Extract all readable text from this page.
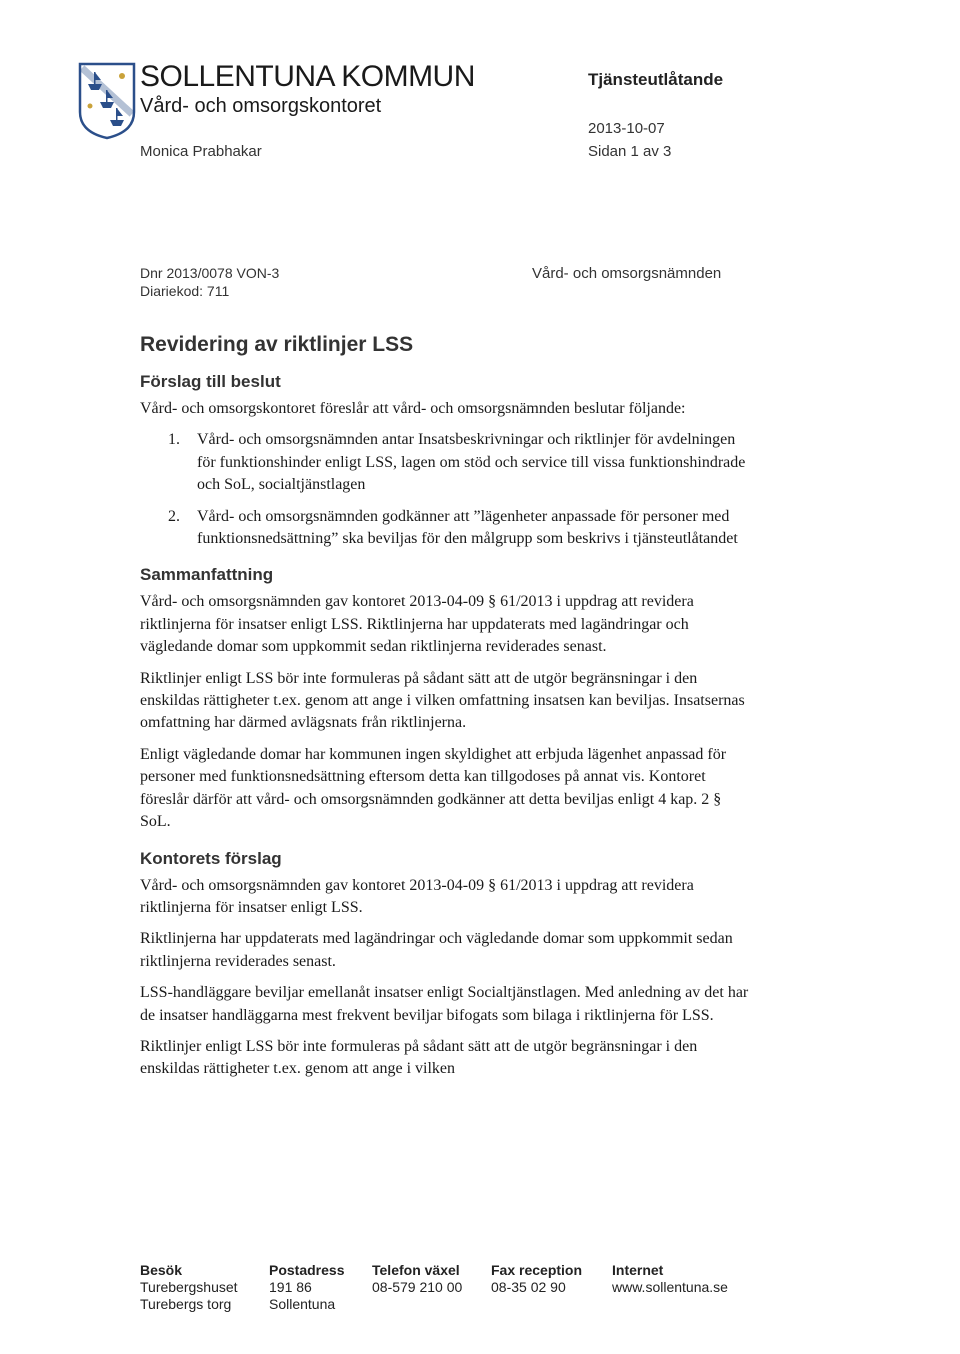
SOLLENTUNA KOMMUN
Vård- och omsorgskontoret
Monica Prabhakar
Tjänsteutlåtande
2013-10-07
Sidan 1 av 3
Dnr 2013/0078 VON-3
Diariekod: 711
Vård- och omsorgsnämnden
Revidering av riktlinjer LSS
Förslag till beslut
Vård- och omsorgskontoret föreslår att vård- och omsorgsnämnden beslutar följande:
1.	Vård- och omsorgsnämnden antar Insatsbeskrivningar och riktlinjer för avdelningen för funktionshinder enligt LSS, lagen om stöd och service till vissa funktionshindrade och SoL, socialtjänstlagen
2.	Vård- och omsorgsnämnden godkänner att ”lägenheter anpassade för personer med funktionsnedsättning” ska beviljas för den målgrupp som beskrivs i tjänsteutlåtandet
Sammanfattning
Vård- och omsorgsnämnden gav kontoret 2013-04-09 § 61/2013 i uppdrag att revidera riktlinjerna för insatser enligt LSS. Riktlinjerna har uppdaterats med lagändringar och vägledande domar som uppkommit sedan riktlinjerna reviderades senast.
Riktlinjer enligt LSS bör inte formuleras på sådant sätt att de utgör begränsningar i den enskildas rättigheter t.ex. genom att ange i vilken omfattning insatsen kan beviljas. Insatsernas omfattning har därmed avlägsnats från riktlinjerna.
Enligt vägledande domar har kommunen ingen skyldighet att erbjuda lägenhet anpassad för personer med funktionsnedsättning eftersom detta kan tillgodoses på annat vis. Kontoret föreslår därför att vård- och omsorgsnämnden godkänner att detta beviljas enligt 4 kap. 2 § SoL.
Kontorets förslag
Vård- och omsorgsnämnden gav kontoret 2013-04-09 § 61/2013 i uppdrag att revidera riktlinjerna för insatser enligt LSS.
Riktlinjerna har uppdaterats med lagändringar och vägledande domar som uppkommit sedan riktlinjerna reviderades senast.
LSS-handläggare beviljar emellanåt insatser enligt Socialtjänstlagen. Med anledning av det har de insatser handläggarna mest frekvent beviljar bifogats som bilaga i riktlinjerna för LSS.
Riktlinjer enligt LSS bör inte formuleras på sådant sätt att de utgör begränsningar i den enskildas rättigheter t.ex. genom att ange i vilken
Besök
Turebergshuset
Turebergs torg
Postadress
191 86
Sollentuna
Telefon växel
08-579 210 00
Fax reception
08-35 02 90
Internet
www.sollentuna.se
